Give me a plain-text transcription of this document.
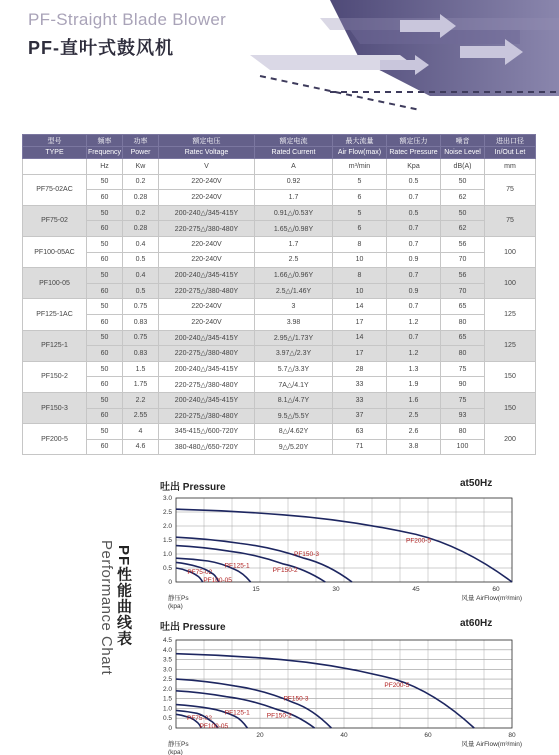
PF-Straight Blade Blower
PF-直叶式鼓风机
型号	频率	功率	额定电压	额定电流	最大流量	额定压力	噪音	进出口径
TYPE	Frequency	Power	Ratec Voltage	Rated Current	Air Flow(max)	Ratec Pressure	Noise Level	In/Out Let
	Hz	Kw	V	A	m³/min	Kpa	dB(A)	mm
PF75-02AC	50	0.2	220-240V	0.92	5	0.5	50	75
	60	0.28	220-240V	1.7	6	0.7	62	
PF75-02	50	0.2	200-240△/345-415Y	0.91△/0.53Y	5	0.5	50	75
	60	0.28	220-275△/380-480Y	1.65△/0.98Y	6	0.7	62	
PF100-05AC	50	0.4	220-240V	1.7	8	0.7	56	100
	60	0.5	220-240V	2.5	10	0.9	70	
PF100-05	50	0.4	200-240△/345-415Y	1.66△/0.96Y	8	0.7	56	100
	60	0.5	220-275△/380-480Y	2.5△/1.46Y	10	0.9	70	
PF125-1AC	50	0.75	220-240V	3	14	0.7	65	125
	60	0.83	220-240V	3.98	17	1.2	80	
PF125-1	50	0.75	200-240△/345-415Y	2.95△/1.73Y	14	0.7	65	125
	60	0.83	220-275△/380-480Y	3.97△/2.3Y	17	1.2	80	
PF150-2	50	1.5	200-240△/345-415Y	5.7△/3.3Y	28	1.3	75	150
	60	1.75	220-275△/380-480Y	7A△/4.1Y	33	1.9	90	
PF150-3	50	2.2	200-240△/345-415Y	8.1△/4.7Y	33	1.6	75	150
	60	2.55	220-275△/380-480Y	9.5△/5.5Y	37	2.5	93	
PF200-5	50	4	345-415△/600-720Y	8△/4.62Y	63	2.6	80	200
	60	4.6	380-480△/650-720Y	9△/5.20Y	71	3.8	100	
PF性能曲线表
Performance Chart
吐出 Pressure	at50Hz
0
0.5
1.0
1.5
2.0
2.5
3.0
15	30	45	60
PF75-02
PF100-05
PF125-1
PF150-2
PF150-3
PF200-5
静压Ps
(kpa)
风量 AirFlow(m³/min)
吐出 Pressure	at60Hz
0
0.5
1.0
1.5
2.0
2.5
3.0
3.5
4.0
4.5
20	40	60	80
PF75-02
PF100-05
PF125-1	PF150-2
PF150-3
PF200-5
静压Ps
(kpa)
风量 AirFlow(m³/min)
